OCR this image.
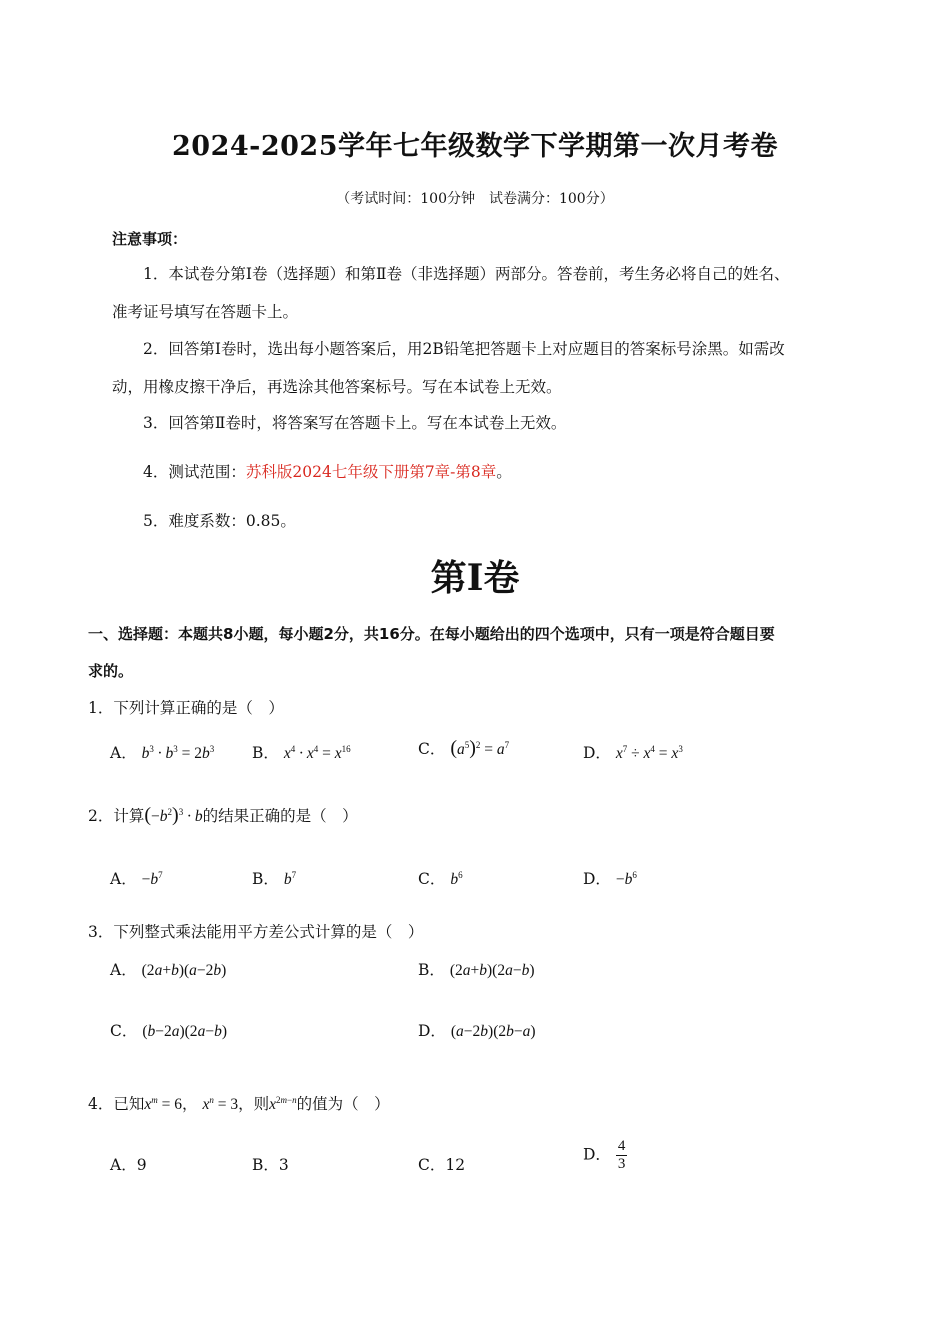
2024-2025学年七年级数学下学期第一次月考卷
（考试时间：100分钟　试卷满分：100分）
注意事项：
1．本试卷分第Ⅰ卷（选择题）和第Ⅱ卷（非选择题）两部分。答卷前，考生务必将自己的姓名、
准考证号填写在答题卡上。
2．回答第Ⅰ卷时，选出每小题答案后，用2B铅笔把答题卡上对应题目的答案标号涂黑。如需改
动，用橡皮擦干净后，再选涂其他答案标号。写在本试卷上无效。
3．回答第Ⅱ卷时，将答案写在答题卡上。写在本试卷上无效。
4．测试范围：苏科版2024七年级下册第7章-第8章。
5．难度系数：0.85。
第Ⅰ卷
一、选择题：本题共8小题，每小题2分，共16分。在每小题给出的四个选项中，只有一项是符合题目要
求的。
1．下列计算正确的是（　）
A． $b^3 \cdot b^3 = 2b^3$ B． $x^4 \cdot x^4 = x^{16}$	C． $(a^5)^2 = a^7$	D． $x^7 \div x^4 = x^3$
2．计算$(-b^2)^3 \cdot b$的结果正确的是（　）
A． $-b^7$	B． $b^7$	C． $b^6$	D． $-b^6$
3．下列整式乘法能用平方差公式计算的是（　）
A． (2a+b)(a−2b)	B． (2a+b)(2a−b)
C． (b−2a)(2a−b)	D． (a−2b)(2b−a)
4．已知$x^m = 6$， $x^n = 3$，则$x^{2m-n}$的值为（　）
A．9	B．3	C．12
D． $\frac{4}{3}$
